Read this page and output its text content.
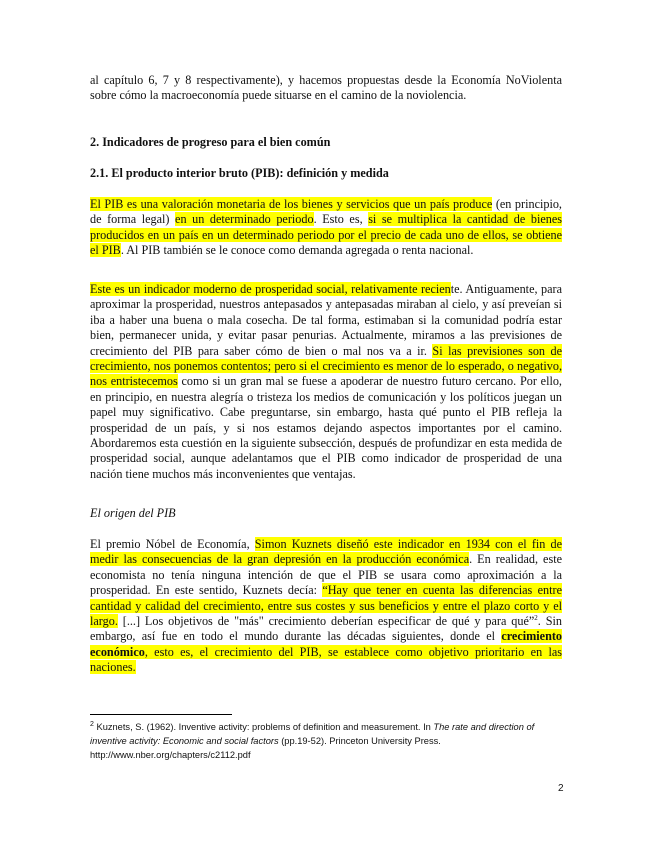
al capítulo 6, 7 y 8 respectivamente), y hacemos propuestas desde la Economía NoViolenta sobre cómo la macroeconomía puede situarse en el camino de la noviolencia.
2. Indicadores de progreso para el bien común
2.1. El producto interior bruto (PIB): definición y medida
El PIB es una valoración monetaria de los bienes y servicios que un país produce (en principio, de forma legal) en un determinado periodo. Esto es, si se multiplica la cantidad de bienes producidos en un país en un determinado periodo por el precio de cada uno de ellos, se obtiene el PIB. Al PIB también se le conoce como demanda agregada o renta nacional.
Este es un indicador moderno de prosperidad social, relativamente reciente. Antiguamente, para aproximar la prosperidad, nuestros antepasados y antepasadas miraban al cielo, y así preveían si iba a haber una buena o mala cosecha. De tal forma, estimaban si la comunidad podría estar bien, permanecer unida, y evitar pasar penurias. Actualmente, miramos a las previsiones de crecimiento del PIB para saber cómo de bien o mal nos va a ir. Si las previsiones son de crecimiento, nos ponemos contentos; pero si el crecimiento es menor de lo esperado, o negativo, nos entristecemos como si un gran mal se fuese a apoderar de nuestro futuro cercano. Por ello, en principio, en nuestra alegría o tristeza los medios de comunicación y los políticos juegan un papel muy significativo. Cabe preguntarse, sin embargo, hasta qué punto el PIB refleja la prosperidad de un país, y si nos estamos dejando aspectos importantes por el camino. Abordaremos esta cuestión en la siguiente subsección, después de profundizar en esta medida de prosperidad social, aunque adelantamos que el PIB como indicador de prosperidad de una nación tiene muchos más inconvenientes que ventajas.
El origen del PIB
El premio Nóbel de Economía, Simon Kuznets diseñó este indicador en 1934 con el fin de medir las consecuencias de la gran depresión en la producción económica. En realidad, este economista no tenía ninguna intención de que el PIB se usara como aproximación a la prosperidad. En este sentido, Kuznets decía: “Hay que tener en cuenta las diferencias entre cantidad y calidad del crecimiento, entre sus costes y sus beneficios y entre el plazo corto y el largo. [...] Los objetivos de "más" crecimiento deberían especificar de qué y para qué”$^2$. Sin embargo, así fue en todo el mundo durante las décadas siguientes, donde el crecimiento económico, esto es, el crecimiento del PIB, se establece como objetivo prioritario en las naciones.
$^2$ Kuznets, S. (1962). Inventive activity: problems of definition and measurement. In The rate and direction of inventive activity: Economic and social factors (pp.19-52). Princeton University Press. http://www.nber.org/chapters/c2112.pdf
2
